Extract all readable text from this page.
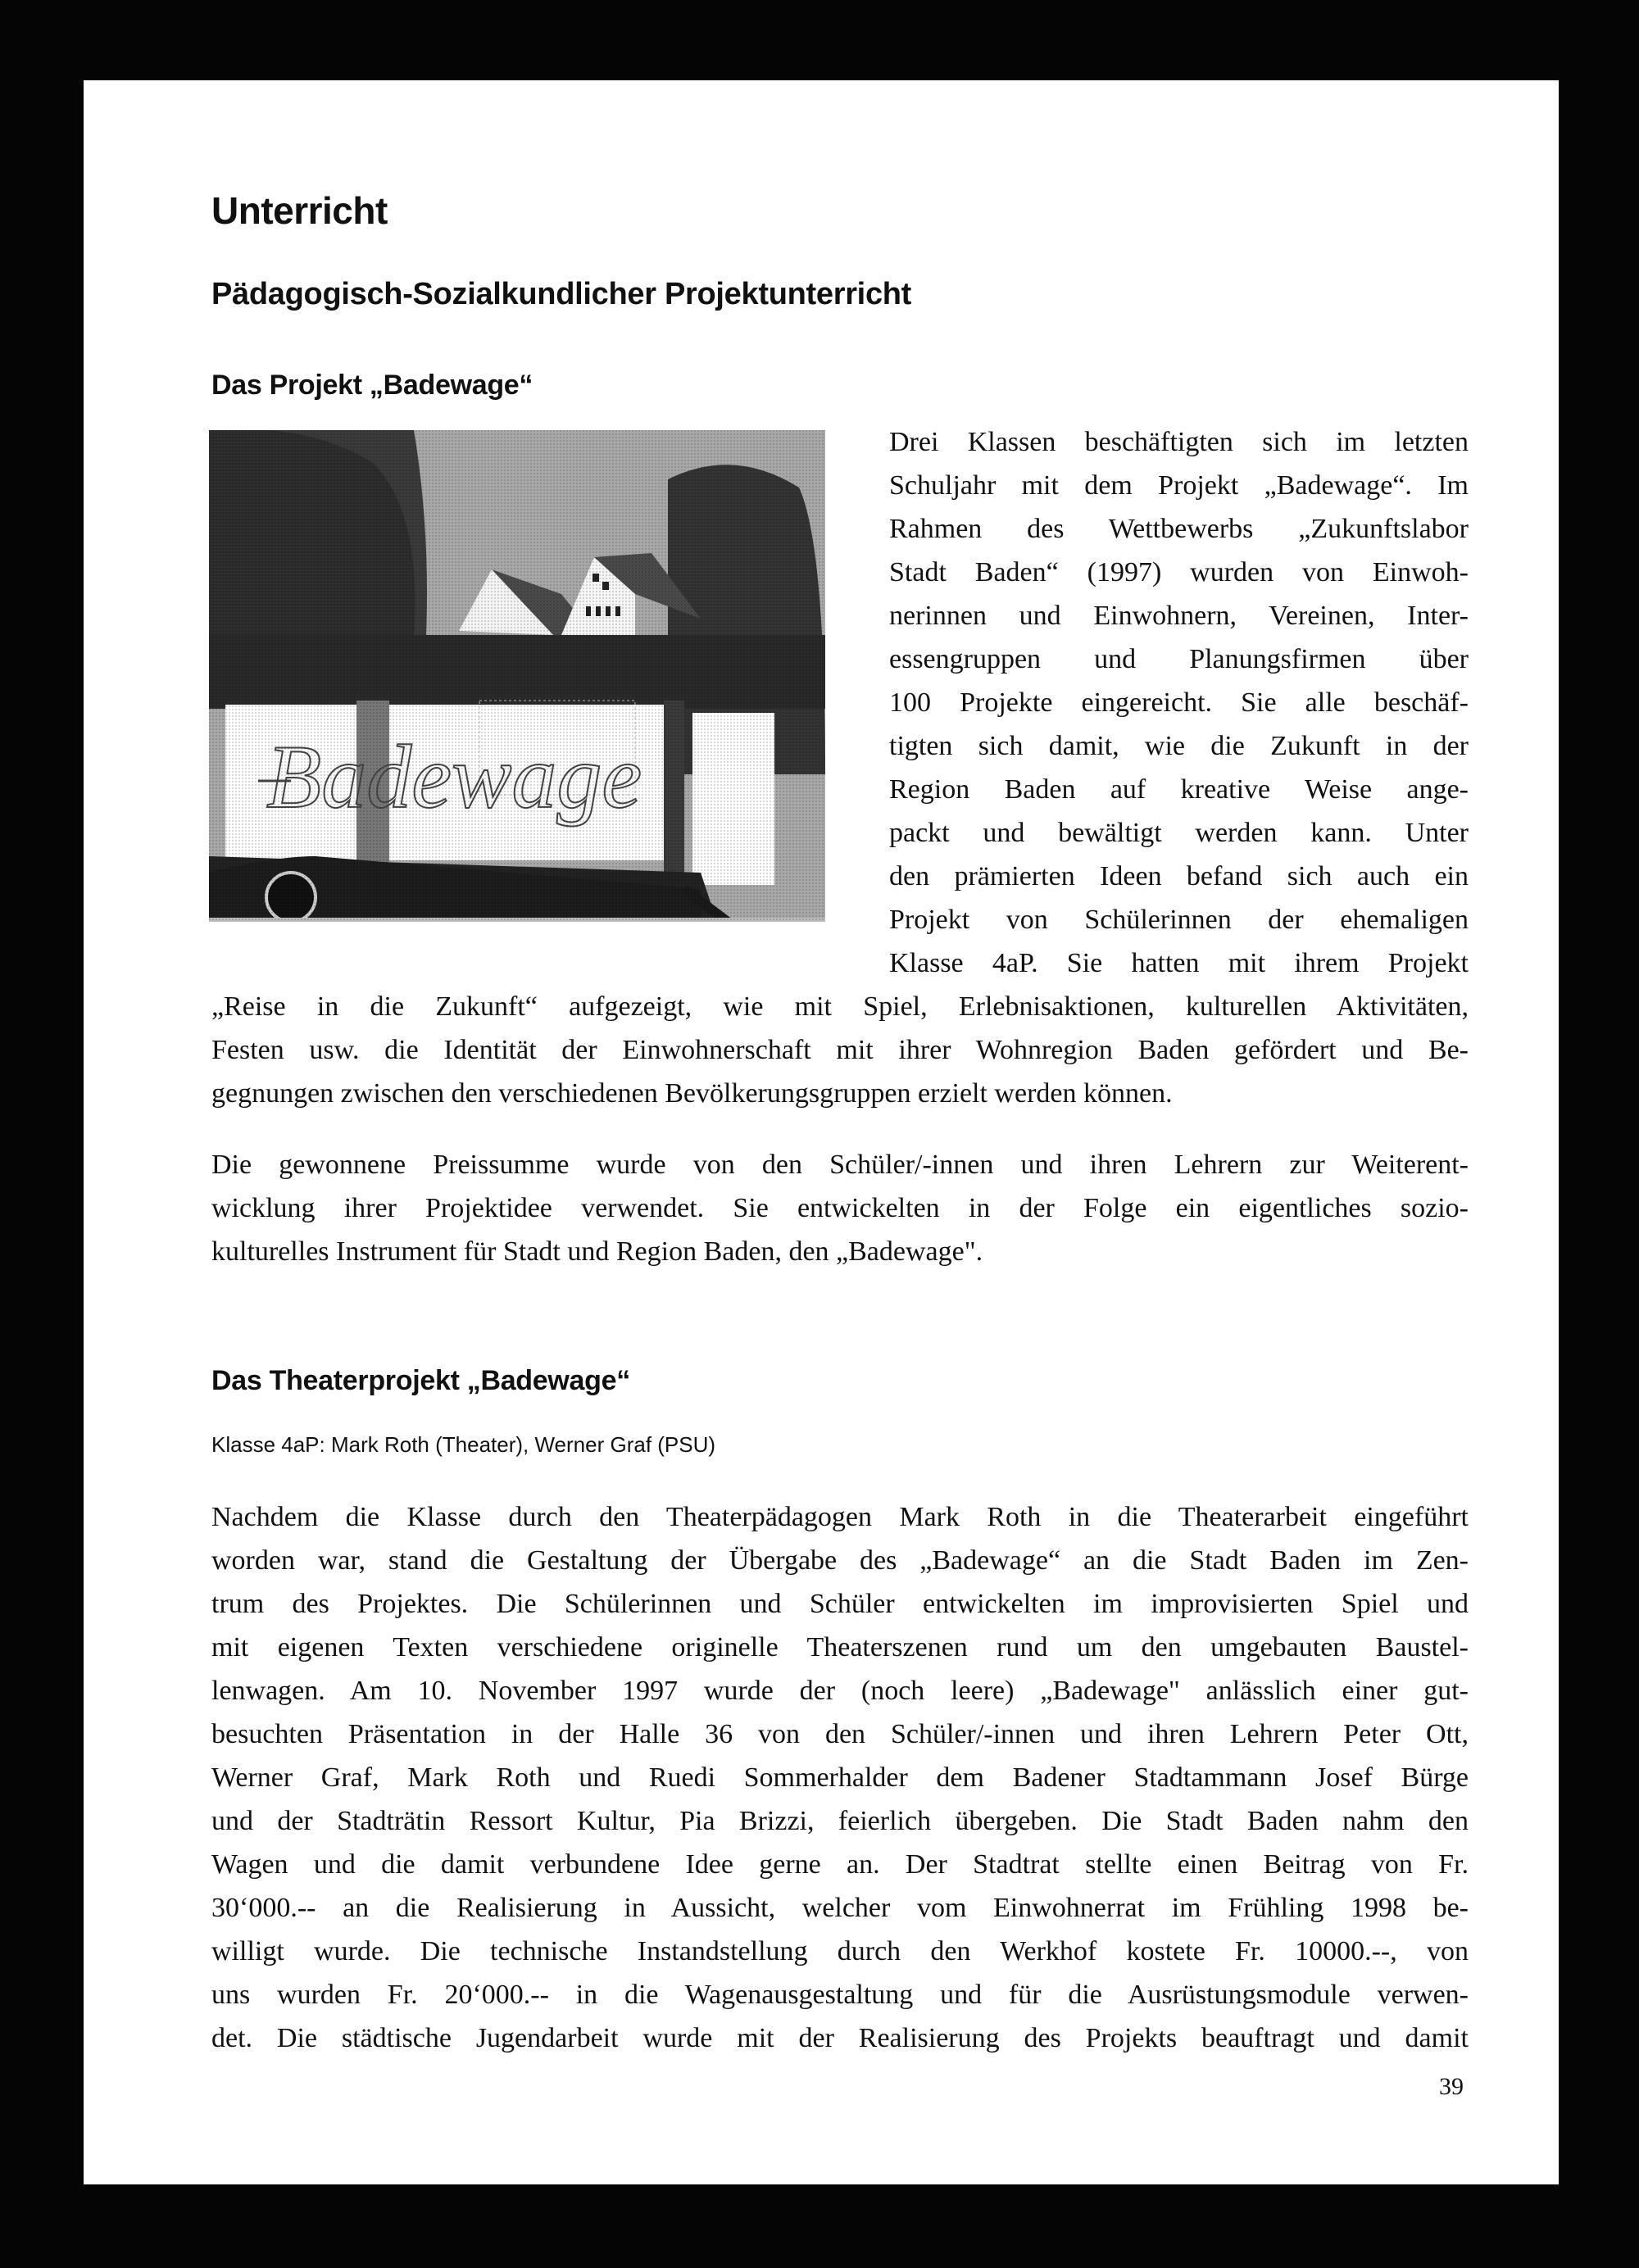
Unterricht
Pädagogisch-Sozialkundlicher Projektunterricht
Das Projekt „Badewage“

Drei Klassen beschäftigten sich im letzten
Schuljahr mit dem Projekt „Badewage“. Im
Rahmen des Wettbewerbs „Zukunftslabor
Stadt Baden“ (1997) wurden von Einwoh-
nerinnen und Einwohnern, Vereinen, Inter-
essengruppen und Planungsfirmen über
100 Projekte eingereicht. Sie alle beschäf-
tigten sich damit, wie die Zukunft in der
Region Baden auf kreative Weise ange-
packt und bewältigt werden kann. Unter
den prämierten Ideen befand sich auch ein
Projekt von Schülerinnen der ehemaligen
Klasse 4aP. Sie hatten mit ihrem Projekt

„Reise in die Zukunft“ aufgezeigt, wie mit Spiel, Erlebnisaktionen, kulturellen Aktivitäten,
Festen usw. die Identität der Einwohnerschaft mit ihrer Wohnregion Baden gefördert und Be-
gegnungen zwischen den verschiedenen Bevölkerungsgruppen erzielt werden können.

Die gewonnene Preissumme wurde von den Schüler/-innen und ihren Lehrern zur Weiterent-
wicklung ihrer Projektidee verwendet. Sie entwickelten in der Folge ein eigentliches sozio-
kulturelles Instrument für Stadt und Region Baden, den „Badewage".

Das Theaterprojekt „Badewage“

Klasse 4aP: Mark Roth (Theater), Werner Graf (PSU)

Nachdem die Klasse durch den Theaterpädagogen Mark Roth in die Theaterarbeit eingeführt
worden war, stand die Gestaltung der Übergabe des „Badewage“ an die Stadt Baden im Zen-
trum des Projektes. Die Schülerinnen und Schüler entwickelten im improvisierten Spiel und
mit eigenen Texten verschiedene originelle Theaterszenen rund um den umgebauten Baustel-
lenwagen. Am 10. November 1997 wurde der (noch leere) „Badewage" anlässlich einer gut-
besuchten Präsentation in der Halle 36 von den Schüler/-innen und ihren Lehrern Peter Ott,
Werner Graf, Mark Roth und Ruedi Sommerhalder dem Badener Stadtammann Josef Bürge
und der Stadträtin Ressort Kultur, Pia Brizzi, feierlich übergeben. Die Stadt Baden nahm den
Wagen und die damit verbundene Idee gerne an. Der Stadtrat stellte einen Beitrag von Fr.
30‘000.-- an die Realisierung in Aussicht, welcher vom Einwohnerrat im Frühling 1998 be-
willigt wurde. Die technische Instandstellung durch den Werkhof kostete Fr. 10000.--, von
uns wurden Fr. 20‘000.-- in die Wagenausgestaltung und für die Ausrüstungsmodule verwen-
det. Die städtische Jugendarbeit wurde mit der Realisierung des Projekts beauftragt und damit

39
